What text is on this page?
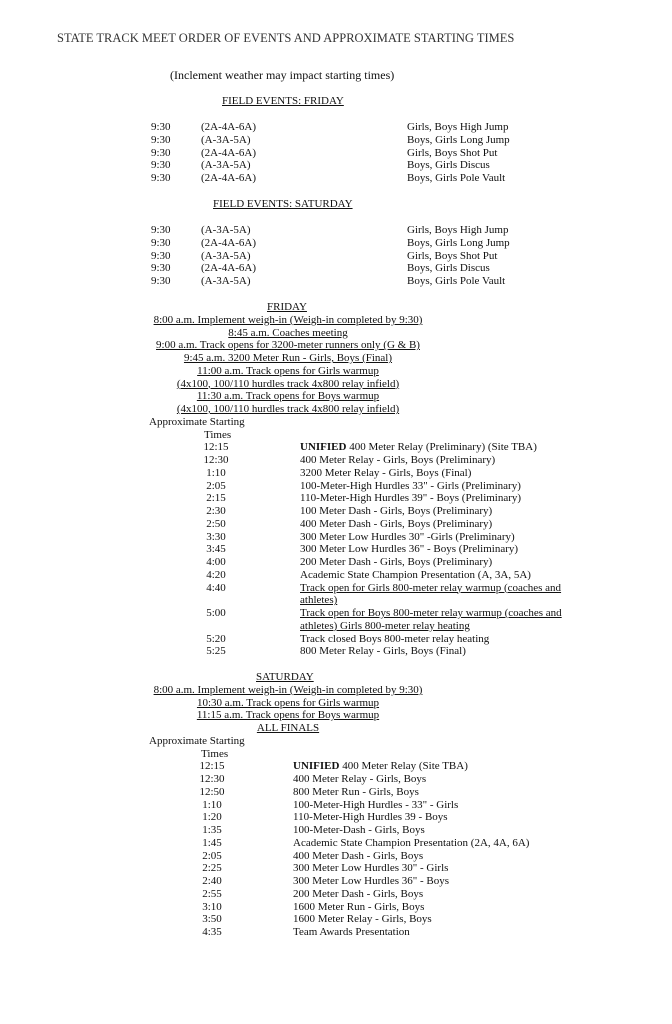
STATE TRACK MEET ORDER OF EVENTS AND APPROXIMATE STARTING TIMES
(Inclement weather may impact starting times)
FIELD EVENTS: FRIDAY
9:30	(2A-4A-6A)	Girls, Boys High Jump
9:30	(A-3A-5A)	Boys, Girls Long Jump
9:30	(2A-4A-6A)	Girls, Boys Shot Put
9:30	(A-3A-5A)	Boys, Girls Discus
9:30	(2A-4A-6A)	Boys, Girls Pole Vault
FIELD EVENTS: SATURDAY
9:30	(A-3A-5A)	Girls, Boys High Jump
9:30	(2A-4A-6A)	Boys, Girls Long Jump
9:30	(A-3A-5A)	Girls, Boys Shot Put
9:30	(2A-4A-6A)	Boys, Girls Discus
9:30	(A-3A-5A)	Boys, Girls Pole Vault
FRIDAY
8:00 a.m. Implement weigh-in (Weigh-in completed by 9:30)
8:45 a.m. Coaches meeting
9:00 a.m. Track opens for 3200-meter runners only (G & B)
9:45 a.m. 3200 Meter Run - Girls, Boys (Final)
11:00 a.m. Track opens for Girls warmup
(4x100, 100/110 hurdles track 4x800 relay infield)
11:30 a.m. Track opens for Boys warmup
(4x100, 100/110 hurdles track 4x800 relay infield)
Approximate Starting
Times
12:15	UNIFIED 400 Meter Relay (Preliminary) (Site TBA)
12:30	400 Meter Relay - Girls, Boys (Preliminary)
1:10	3200 Meter Relay - Girls, Boys (Final)
2:05	100-Meter-High Hurdles 33" - Girls (Preliminary)
2:15	110-Meter-High Hurdles 39" - Boys (Preliminary)
2:30	100 Meter Dash - Girls, Boys (Preliminary)
2:50	400 Meter Dash - Girls, Boys (Preliminary)
3:30	300 Meter Low Hurdles 30" -Girls (Preliminary)
3:45	300 Meter Low Hurdles 36" - Boys (Preliminary)
4:00	200 Meter Dash - Girls, Boys (Preliminary)
4:20	Academic State Champion Presentation (A, 3A, 5A)
4:40	Track open for Girls 800-meter relay warmup (coaches and athletes)
5:00	Track open for Boys 800-meter relay warmup (coaches and athletes) Girls 800-meter relay heating
5:20	Track closed Boys 800-meter relay heating
5:25	800 Meter Relay - Girls, Boys (Final)
SATURDAY
8:00 a.m. Implement weigh-in (Weigh-in completed by 9:30)
10:30 a.m. Track opens for Girls warmup
11:15 a.m. Track opens for Boys warmup
ALL FINALS
Approximate Starting
Times
12:15	UNIFIED 400 Meter Relay (Site TBA)
12:30	400 Meter Relay - Girls, Boys
12:50	800 Meter Run - Girls, Boys
1:10	100-Meter-High Hurdles - 33" - Girls
1:20	110-Meter-High Hurdles 39 - Boys
1:35	100-Meter-Dash - Girls, Boys
1:45	Academic State Champion Presentation (2A, 4A, 6A)
2:05	400 Meter Dash - Girls, Boys
2:25	300 Meter Low Hurdles 30" - Girls
2:40	300 Meter Low Hurdles 36" - Boys
2:55	200 Meter Dash - Girls, Boys
3:10	1600 Meter Run - Girls, Boys
3:50	1600 Meter Relay - Girls, Boys
4:35	Team Awards Presentation
